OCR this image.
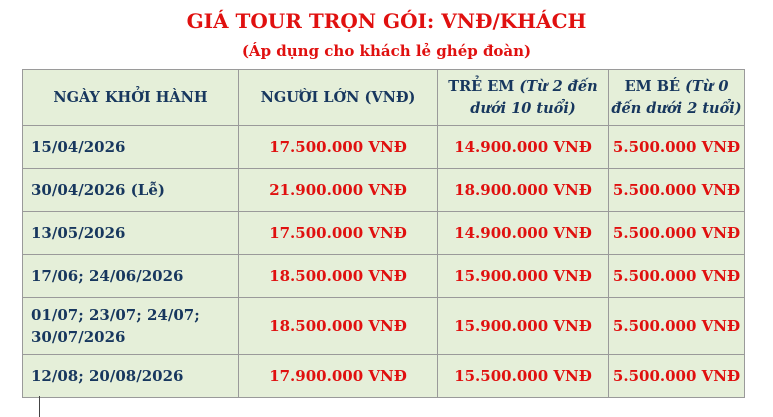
GIÁ TOUR TRỌN GÓI: VNĐ/KHÁCH
(Áp dụng cho khách lẻ ghép đoàn)
NGÀY KHỞI HÀNH	NGƯỜI LỚN (VNĐ)	TRẺ EM (Từ 2 đến dưới 10 tuổi)	EM BÉ (Từ 0 đến dưới 2 tuổi)
15/04/2026	17.500.000 VNĐ	14.900.000 VNĐ	5.500.000 VNĐ
30/04/2026 (Lễ)	21.900.000 VNĐ	18.900.000 VNĐ	5.500.000 VNĐ
13/05/2026	17.500.000 VNĐ	14.900.000 VNĐ	5.500.000 VNĐ
17/06; 24/06/2026	18.500.000 VNĐ	15.900.000 VNĐ	5.500.000 VNĐ
01/07; 23/07; 24/07; 30/07/2026	18.500.000 VNĐ	15.900.000 VNĐ	5.500.000 VNĐ
12/08; 20/08/2026	17.900.000 VNĐ	15.500.000 VNĐ	5.500.000 VNĐ
